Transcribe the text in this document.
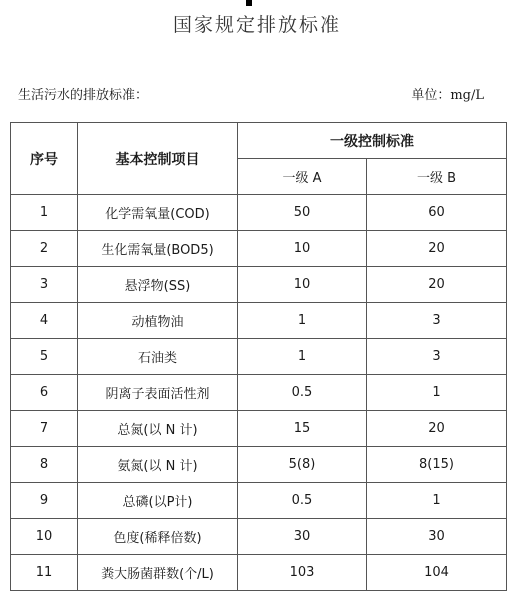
国家规定排放标准
生活污水的排放标准：	单位：mg/L
序号	基本控制项目	一级控制标准	
		一级 A	一级 B
1	化学需氧量(COD)	50	60
2	生化需氧量(BOD5)	10	20
3	悬浮物(SS)	10	20
4	动植物油	1	3
5	石油类	1	3
6	阴离子表面活性剂	0.5	1
7	总氮(以 N 计)	15	20
8	氨氮(以 N 计)	5(8)	8(15)
9	总磷(以P计)	0.5	1
10	色度(稀释倍数)	30	30
11	粪大肠菌群数(个/L)	103	104
